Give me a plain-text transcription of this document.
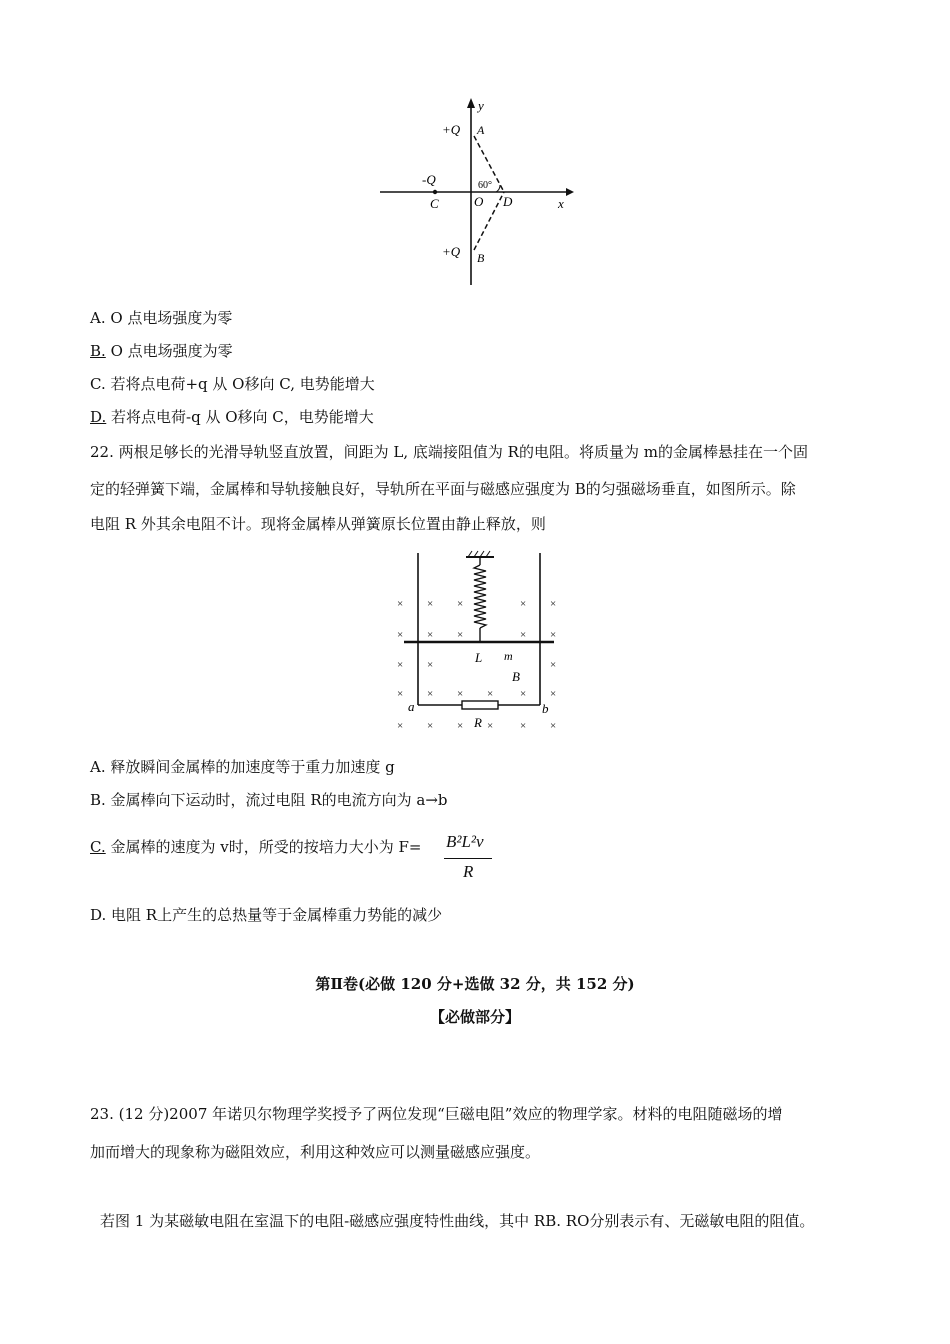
y
x
+Q A
-Q	60°
C	O D
+Q B
A. O 点电场强度为零
B. O 点电场强度为零
C. 若将点电荷+q 从 O移向 C, 电势能增大
D. 若将点电荷-q 从 O移向 C，电势能增大
22. 两根足够长的光滑导轨竖直放置，间距为 L, 底端接阻值为 R的电阻。将质量为 m的金属棒悬挂在一个固
定的轻弹簧下端，金属棒和导轨接触良好，导轨所在平面与磁感应强度为 B的匀强磁场垂直，如图所示。除
电阻 R 外其余电阻不计。现将金属棒从弹簧原长位置由静止释放，则
× × ×	× ×
× × ×	× ×
× ×	×
× × × × × ×
× × × × × ×
L m
B
a	b
R
A. 释放瞬间金属棒的加速度等于重力加速度 g
B. 金属棒向下运动时，流过电阻 R的电流方向为 a→b
C. 金属棒的速度为 v时，所受的按培力大小为 F= B²L²v
R
D. 电阻 R上产生的总热量等于金属棒重力势能的减少
第Ⅱ卷(必做 120 分+选做 32 分，共 152 分)
【必做部分】
23. (12 分)2007 年诺贝尔物理学奖授予了两位发现“巨磁电阻”效应的物理学家。材料的电阻随磁场的增
加而增大的现象称为磁阻效应，利用这种效应可以测量磁感应强度。
若图 1 为某磁敏电阻在室温下的电阻-磁感应强度特性曲线，其中 RB. RO分别表示有、无磁敏电阻的阻值。
